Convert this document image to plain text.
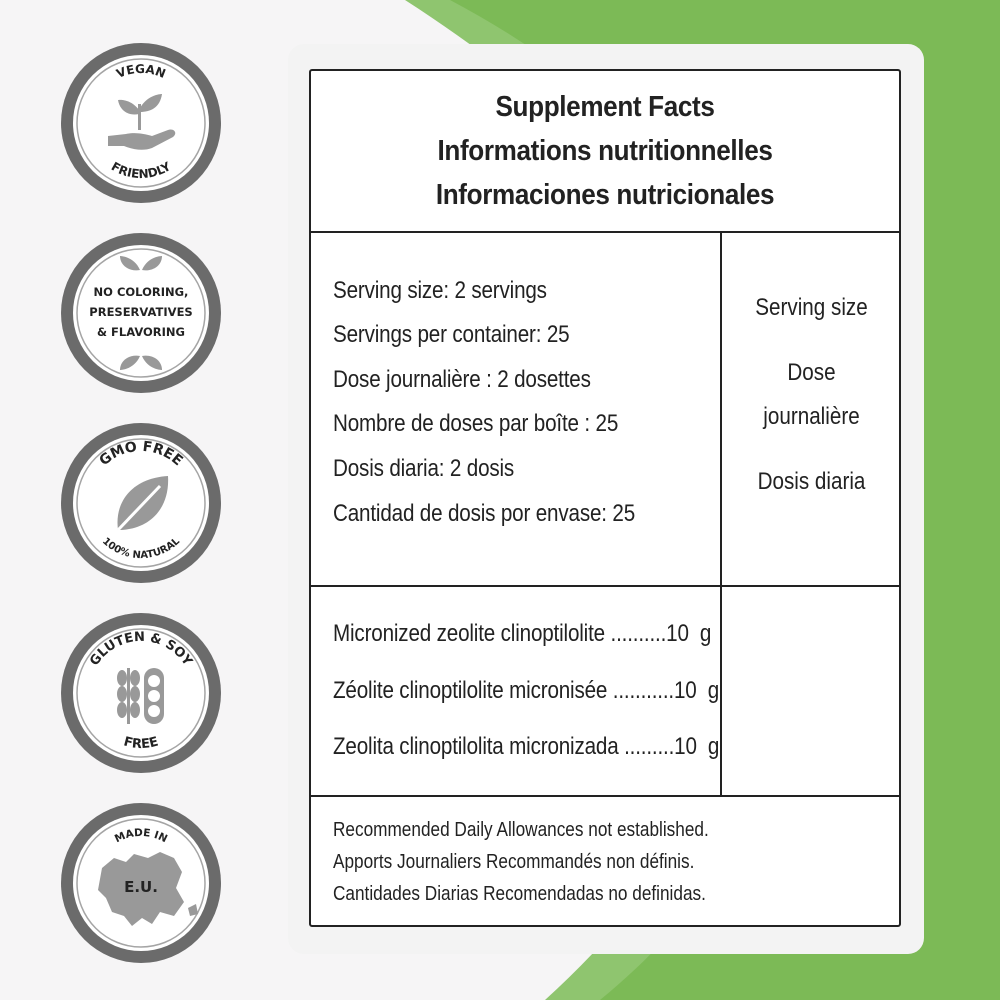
VEGAN
FRIENDLY
NO COLORING,
PRESERVATIVES
& FLAVORING
GMO FREE
100% NATURAL
GLUTEN & SOY
FREE
MADE IN
E.U.
Supplement Facts
Informations nutritionnelles
Informaciones nutricionales
Serving size: 2 servings
Servings per container: 25
Dose journalière : 2 dosettes
Nombre de doses par boîte : 25
Dosis diaria: 2 dosis
Cantidad de dosis por envase: 25
Serving size
Dose
journalière
Dosis diaria
Micronized zeolite clinoptilolite ..........10  g
Zéolite clinoptilolite micronisée ...........10  g
Zeolita clinoptilolita micronizada .........10  g
Recommended Daily Allowances not established.
Apports Journaliers Recommandés non définis.
Cantidades Diarias Recomendadas no definidas.
